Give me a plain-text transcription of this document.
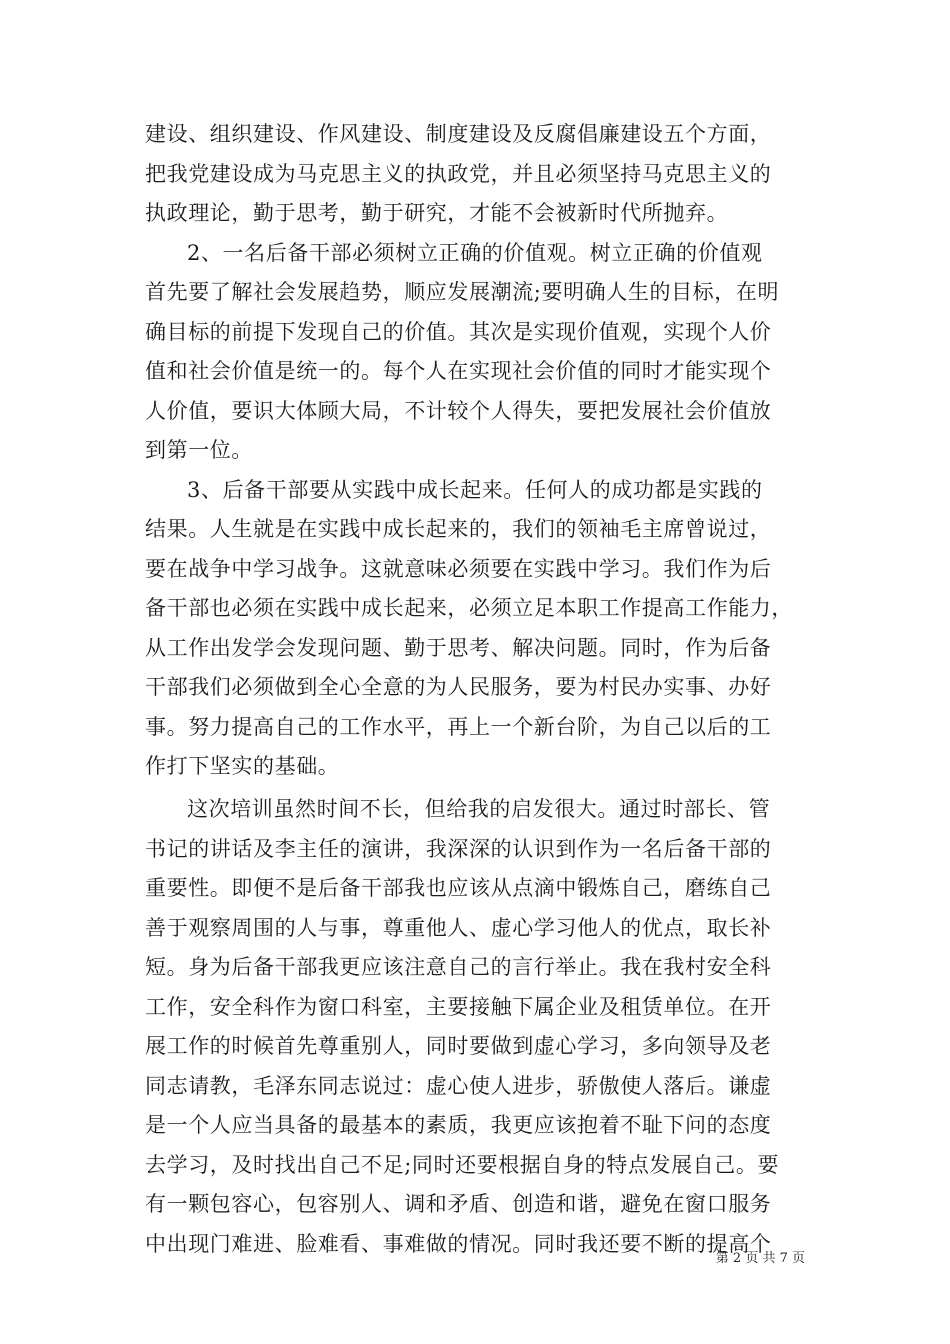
建设、组织建设、作风建设、制度建设及反腐倡廉建设五个方面，
把我党建设成为马克思主义的执政党，并且必须坚持马克思主义的
执政理论，勤于思考，勤于研究，才能不会被新时代所抛弃。
2、一名后备干部必须树立正确的价值观。树立正确的价值观
首先要了解社会发展趋势，顺应发展潮流;要明确人生的目标，在明
确目标的前提下发现自己的价值。其次是实现价值观，实现个人价
值和社会价值是统一的。每个人在实现社会价值的同时才能实现个
人价值，要识大体顾大局，不计较个人得失，要把发展社会价值放
到第一位。
3、后备干部要从实践中成长起来。任何人的成功都是实践的
结果。人生就是在实践中成长起来的，我们的领袖毛主席曾说过，
要在战争中学习战争。这就意味必须要在实践中学习。我们作为后
备干部也必须在实践中成长起来，必须立足本职工作提高工作能力，
从工作出发学会发现问题、勤于思考、解决问题。同时，作为后备
干部我们必须做到全心全意的为人民服务，要为村民办实事、办好
事。努力提高自己的工作水平，再上一个新台阶，为自己以后的工
作打下坚实的基础。
这次培训虽然时间不长，但给我的启发很大。通过时部长、管
书记的讲话及李主任的演讲，我深深的认识到作为一名后备干部的
重要性。即便不是后备干部我也应该从点滴中锻炼自己，磨练自己
善于观察周围的人与事，尊重他人、虚心学习他人的优点，取长补
短。身为后备干部我更应该注意自己的言行举止。我在我村安全科
工作，安全科作为窗口科室，主要接触下属企业及租赁单位。在开
展工作的时候首先尊重别人，同时要做到虚心学习，多向领导及老
同志请教，毛泽东同志说过：虚心使人进步，骄傲使人落后。谦虚
是一个人应当具备的最基本的素质，我更应该抱着不耻下问的态度
去学习，及时找出自己不足;同时还要根据自身的特点发展自己。要
有一颗包容心，包容别人、调和矛盾、创造和谐，避免在窗口服务
中出现门难进、脸难看、事难做的情况。同时我还要不断的提高个
第 2 页 共 7 页
